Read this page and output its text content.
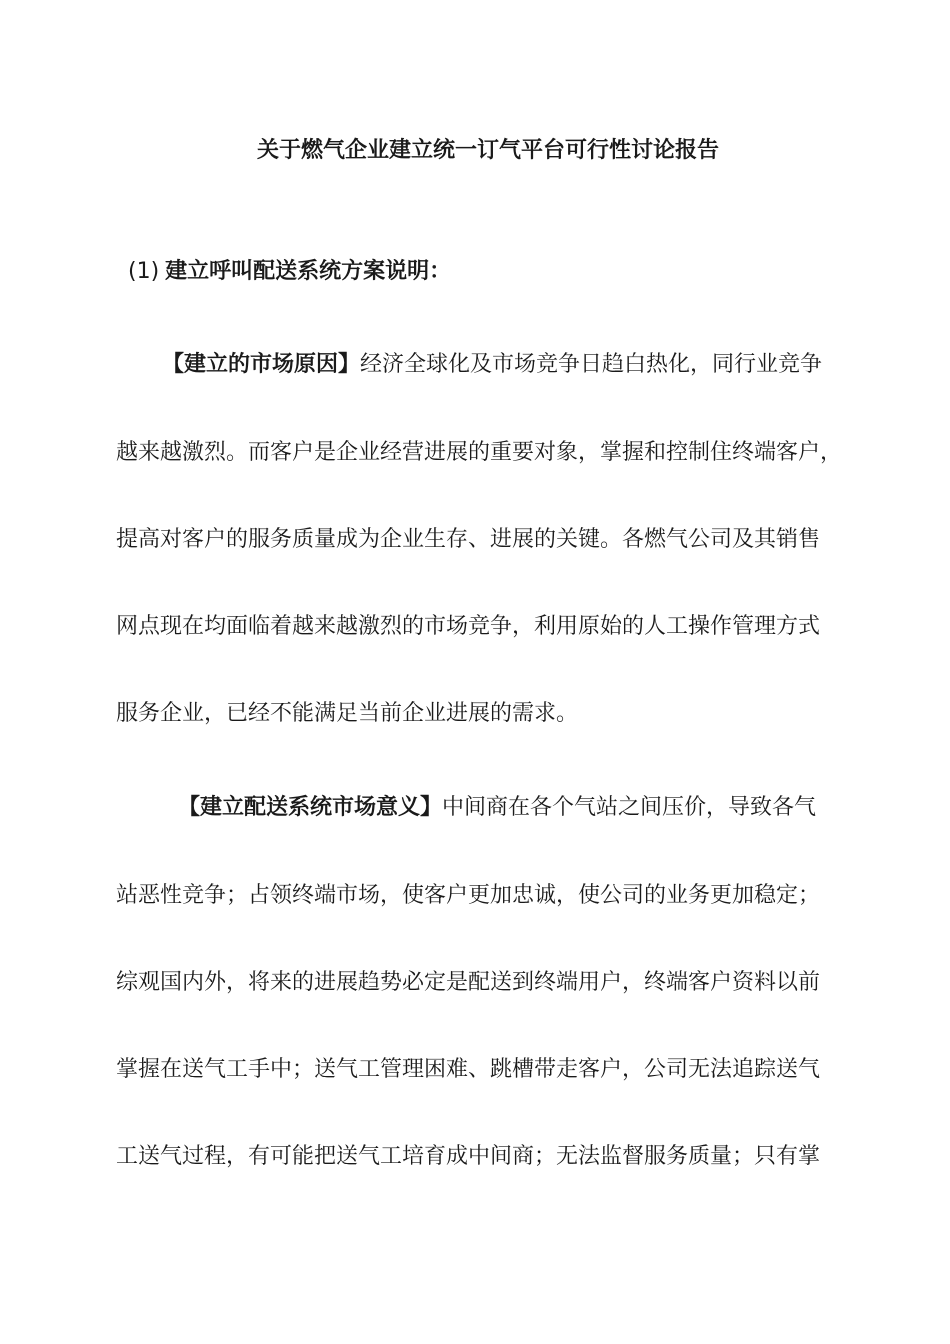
关于燃气企业建立统一订气平台可行性讨论报告

(1) 建立呼叫配送系统方案说明：

【建立的市场原因】经济全球化及市场竞争日趋白热化，同行业竞争

越来越激烈。而客户是企业经营进展的重要对象，掌握和控制住终端客户，

提高对客户的服务质量成为企业生存、进展的关键。各燃气公司及其销售

网点现在均面临着越来越激烈的市场竞争，利用原始的人工操作管理方式

服务企业，已经不能满足当前企业进展的需求。

【建立配送系统市场意义】中间商在各个气站之间压价，导致各气

站恶性竞争；占领终端市场，使客户更加忠诚，使公司的业务更加稳定；

综观国内外，将来的进展趋势必定是配送到终端用户，终端客户资料以前

掌握在送气工手中；送气工管理困难、跳槽带走客户，公司无法追踪送气

工送气过程，有可能把送气工培育成中间商；无法监督服务质量；只有掌
